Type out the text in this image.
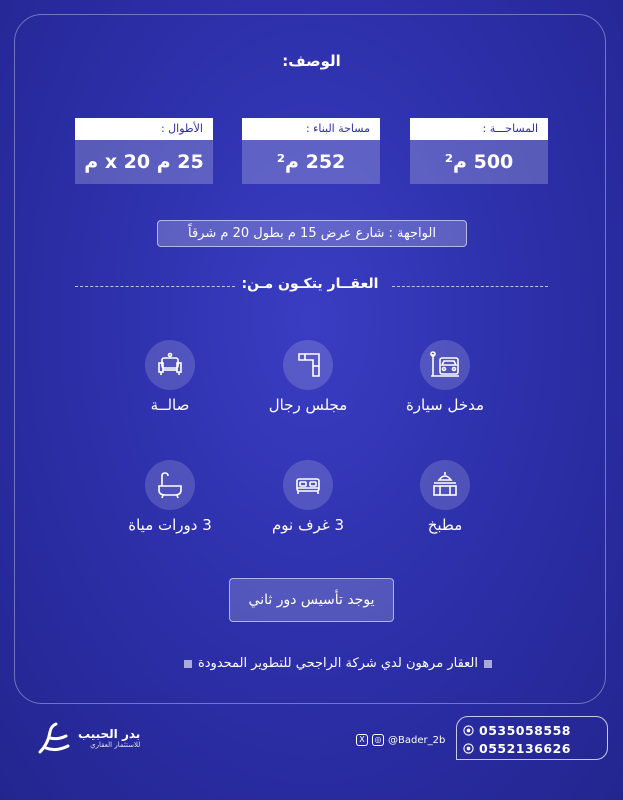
الوصف:
المساحـــة :
500 م²
مساحة البناء :
252 م²
الأطوال :
25 م x 20 م
الواجهة : شارع عرض 15 م بطول 20 م شرقاً
العقــار يتكـون مـن:
مدخل سيارة
مجلس رجال
صالــة
مطبخ
3 غرف نوم
3 دورات مياة
يوجد تأسيس دور ثاني
العقار مرهون لدي شركة الراجحي للتطوير المحدودة
بدر الحبيب
للاستثمار العقاري
X	◎ @Bader_2b
0535058558
0552136626
